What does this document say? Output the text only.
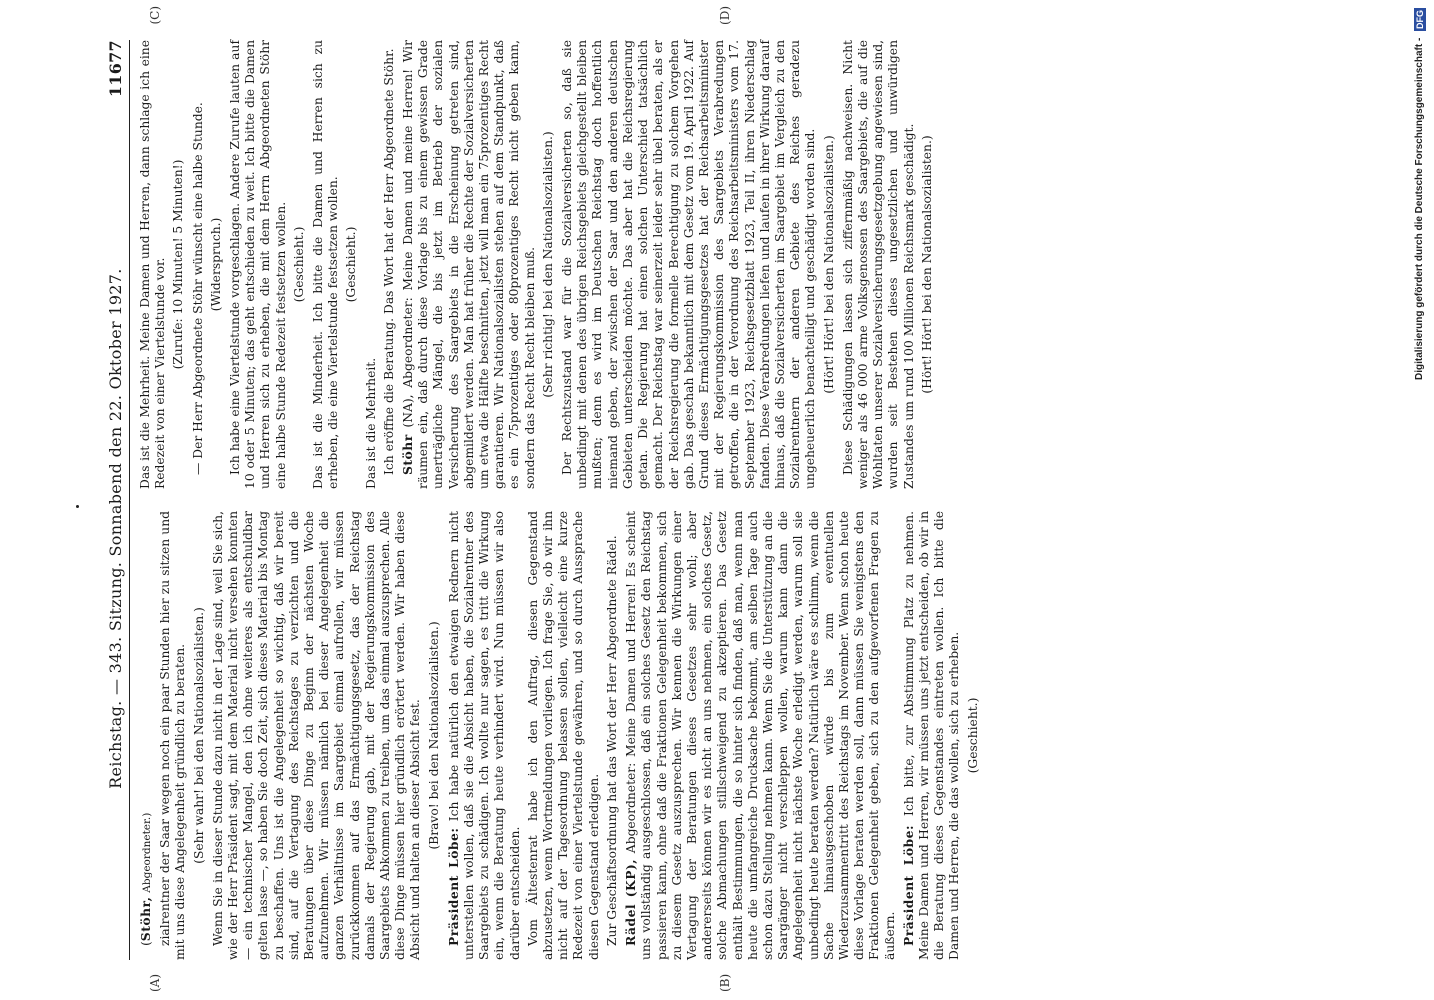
Reichstag. — 343. Sitzung. Sonnabend den 22. Oktober 1927.
11677

(Stöhr, Abgeordneter.) zialrentner der Saar wegen noch ein paar Stunden hier zu sitzen und mit uns diese Angelegenheit gründlich zu beraten. (Sehr wahr! bei den Nationalsozialisten.) Wenn Sie in dieser Stunde dazu nicht in der Lage sind, weil Sie sich, wie der Herr Präsident sagt, mit dem Material nicht versehen konnten — ein technischer Mangel, den ich ohne weiteres als entschuldbar gelten lasse —, so haben Sie doch Zeit, sich dieses Material bis Montag zu beschaffen. Uns ist die Angelegenheit so wichtig, daß wir bereit sind, auf die Vertagung des Reichstages zu verzichten und die Beratungen über diese Dinge zu Beginn der nächsten Woche aufzunehmen. Wir müssen nämlich bei dieser Angelegenheit die ganzen Verhältnisse im Saargebiet einmal aufrollen, wir müssen zurückkommen auf das Ermächtigungsgesetz, das der Reichstag damals der Regierung gab, mit der Regierungskommission des Saargebiets Abkommen zu treiben, um das einmal auszusprechen. Alle diese Dinge müssen hier gründlich erörtert werden. Wir haben diese Absicht und halten an dieser Absicht fest. (Bravo! bei den Nationalsozialisten.)

Präsident Löbe: Ich habe natürlich den etwaigen Rednern nicht unterstellen wollen, daß sie die Absicht haben, die Sozialrentner des Saargebiets zu schädigen. Ich wollte nur sagen, es tritt die Wirkung ein, wenn die Beratung heute verhindert wird. Nun müssen wir also darüber entscheiden. Vom Ältestenrat habe ich den Auftrag, diesen Gegenstand abzusetzen, wenn Wortmeldungen vorliegen. Ich frage Sie, ob wir ihn nicht auf der Tagesordnung belassen sollen, vielleicht eine kurze Redezeit von einer Viertelstunde gewähren, und so durch Aussprache diesen Gegenstand erledigen. Zur Geschäftsordnung hat das Wort der Herr Abgeordnete Rädel. Rädel (KP), Abgeordneter: Meine Damen und Herren! Es scheint uns vollständig ausgeschlossen, daß ein solches Gesetz den Reichstag passieren kann, ohne daß die Fraktionen Gelegenheit bekommen, sich zu diesem Gesetz auszusprechen. Wir kennen die Wirkungen einer Vertagung der Beratungen dieses Gesetzes sehr wohl; aber andererseits können wir es nicht an uns nehmen, ein solches Gesetz, solche Abmachungen stillschweigend zu akzeptieren. Das Gesetz enthält Bestimmungen, die so hinter sich finden, daß man, wenn man heute die umfangreiche Drucksache bekommt, am selben Tage auch schon dazu Stellung nehmen kann. Wenn Sie die Unterstützung an die Saargänger nicht verschleppen wollen, warum kann dann die Angelegenheit nicht nächste Woche erledigt werden, warum soll sie unbedingt heute beraten werden? Natürlich wäre es schlimm, wenn die Sache hinausgeschoben würde bis zum eventuellen Wiederzusammentritt des Reichstags im November. Wenn schon heute diese Vorlage beraten werden soll, dann müssen Sie wenigstens den Fraktionen Gelegenheit geben, sich zu den aufgeworfenen Fragen zu äußern. Präsident Löbe: Ich bitte, zur Abstimmung Platz zu nehmen. Meine Damen und Herren, wir müssen uns jetzt entscheiden, ob wir in die Beratung dieses Gegenstandes eintreten wollen. Ich bitte die Damen und Herren, die das wollen, sich zu erheben. (Geschieht.)

Das ist die Mehrheit. Meine Damen und Herren, dann schlage ich eine Redezeit von einer Viertelstunde vor. (Zurufe: 10 Minuten! 5 Minuten!) — Der Herr Abgeordnete Stöhr wünscht eine halbe Stunde. (Widerspruch.) Ich habe eine Viertelstunde vorgeschlagen. Andere Zurufe lauten auf 10 oder 5 Minuten; das geht entschieden zu weit. Ich bitte die Damen und Herren sich zu erheben, die mit dem Herrn Abgeordneten Stöhr eine halbe Stunde Redezeit festsetzen wollen. (Geschieht.) Das ist die Minderheit. Ich bitte die Damen und Herren sich zu erheben, die eine Viertelstunde festsetzen wollen. (Geschieht.)

Das ist die Mehrheit. Ich eröffne die Beratung. Das Wort hat der Herr Abgeordnete Stöhr. Stöhr (NA), Abgeordneter: Meine Damen und meine Herren! Wir räumen ein, daß durch diese Vorlage bis zu einem gewissen Grade unerträgliche Mängel, die bis jetzt im Betrieb der sozialen Versicherung des Saargebiets in die Erscheinung getreten sind, abgemildert werden. Man hat früher die Rechte der Sozialversicherten um etwa die Hälfte beschnitten, jetzt will man ein 75prozentiges Recht garantieren. Wir Nationalsozialisten stehen auf dem Standpunkt, daß es ein 75prozentiges oder 80prozentiges Recht nicht geben kann, sondern das Recht Recht bleiben muß. (Sehr richtig! bei den Nationalsozialisten.) Der Rechtszustand war für die Sozialversicherten so, daß sie unbedingt mit denen des übrigen Reichsgebiets gleichgestellt bleiben mußten; denn es wird im Deutschen Reichstag doch hoffentlich niemand geben, der zwischen der Saar und den anderen deutschen Gebieten unterscheiden möchte. Das aber hat die Reichsregierung getan. Die Regierung hat einen solchen Unterschied tatsächlich gemacht. Der Reichstag war seinerzeit leider sehr übel beraten, als er der Reichsregierung die formelle Berechtigung zu solchem Vorgehen gab. Das geschah bekanntlich mit dem Gesetz vom 19. April 1922. Auf Grund dieses Ermächtigungsgesetzes hat der Reichsarbeitsminister mit der Regierungskommission des Saargebiets Verabredungen getroffen, die in der Verordnung des Reichsarbeitsministers vom 17. September 1923, Reichsgesetzblatt 1923, Teil II, ihren Niederschlag fanden. Diese Verabredungen liefen und laufen in ihrer Wirkung darauf hinaus, daß die Sozialversicherten im Saargebiet im Vergleich zu den Sozialrentnern der anderen Gebiete des Reiches geradezu ungeheuerlich benachteiligt und geschädigt worden sind. (Hört! Hört! bei den Nationalsozialisten.) Diese Schädigungen lassen sich ziffernmäßig nachweisen. Nicht weniger als 46 000 arme Volksgenossen des Saargebiets, die auf die Wohltaten unserer Sozialversicherungsgesetzgebung angewiesen sind, wurden seit Bestehen dieses ungesetzlichen und unwürdigen Zustandes um rund 100 Millionen Reichsmark geschädigt. (Hört! Hört! bei den Nationalsozialisten.)
(A)	(B)
(C)	(D)
Digitalisierung gefördert durch die Deutsche Forschungsgemeinschaft - DFG
